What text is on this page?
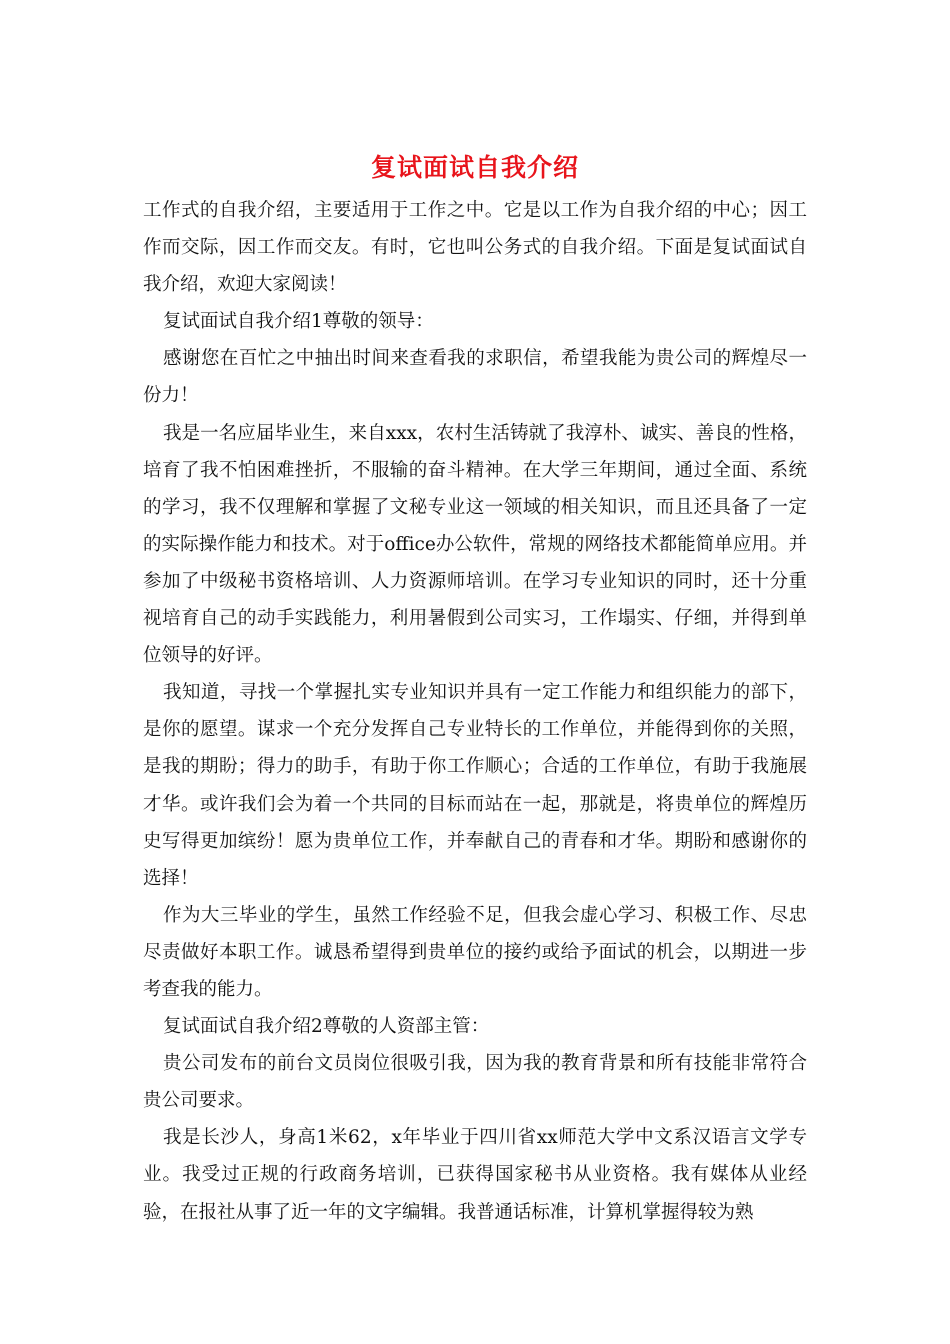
复试面试自我介绍

工作式的自我介绍，主要适用于工作之中。它是以工作为自我介绍的中心；因工作而交际，因工作而交友。有时，它也叫公务式的自我介绍。下面是复试面试自我介绍，欢迎大家阅读！

复试面试自我介绍1尊敬的领导：

感谢您在百忙之中抽出时间来查看我的求职信，希望我能为贵公司的辉煌尽一份力！

我是一名应届毕业生，来自xxx，农村生活铸就了我淳朴、诚实、善良的性格，培育了我不怕困难挫折，不服输的奋斗精神。在大学三年期间，通过全面、系统的学习，我不仅理解和掌握了文秘专业这一领域的相关知识，而且还具备了一定的实际操作能力和技术。对于office办公软件，常规的网络技术都能简单应用。并参加了中级秘书资格培训、人力资源师培训。在学习专业知识的同时，还十分重视培育自己的动手实践能力，利用暑假到公司实习，工作塌实、仔细，并得到单位领导的好评。

我知道，寻找一个掌握扎实专业知识并具有一定工作能力和组织能力的部下，是你的愿望。谋求一个充分发挥自己专业特长的工作单位，并能得到你的关照，是我的期盼；得力的助手，有助于你工作顺心；合适的工作单位，有助于我施展才华。或许我们会为着一个共同的目标而站在一起，那就是，将贵单位的辉煌历史写得更加缤纷！愿为贵单位工作，并奉献自己的青春和才华。期盼和感谢你的选择！

作为大三毕业的学生，虽然工作经验不足，但我会虚心学习、积极工作、尽忠尽责做好本职工作。诚恳希望得到贵单位的接约或给予面试的机会，以期进一步考查我的能力。

复试面试自我介绍2尊敬的人资部主管：

贵公司发布的前台文员岗位很吸引我，因为我的教育背景和所有技能非常符合贵公司要求。

我是长沙人，身高1米62，x年毕业于四川省xx师范大学中文系汉语言文学专业。我受过正规的行政商务培训，已获得国家秘书从业资格。我有媒体从业经验，在报社从事了近一年的文字编辑。我普通话标准，计算机掌握得较为熟
